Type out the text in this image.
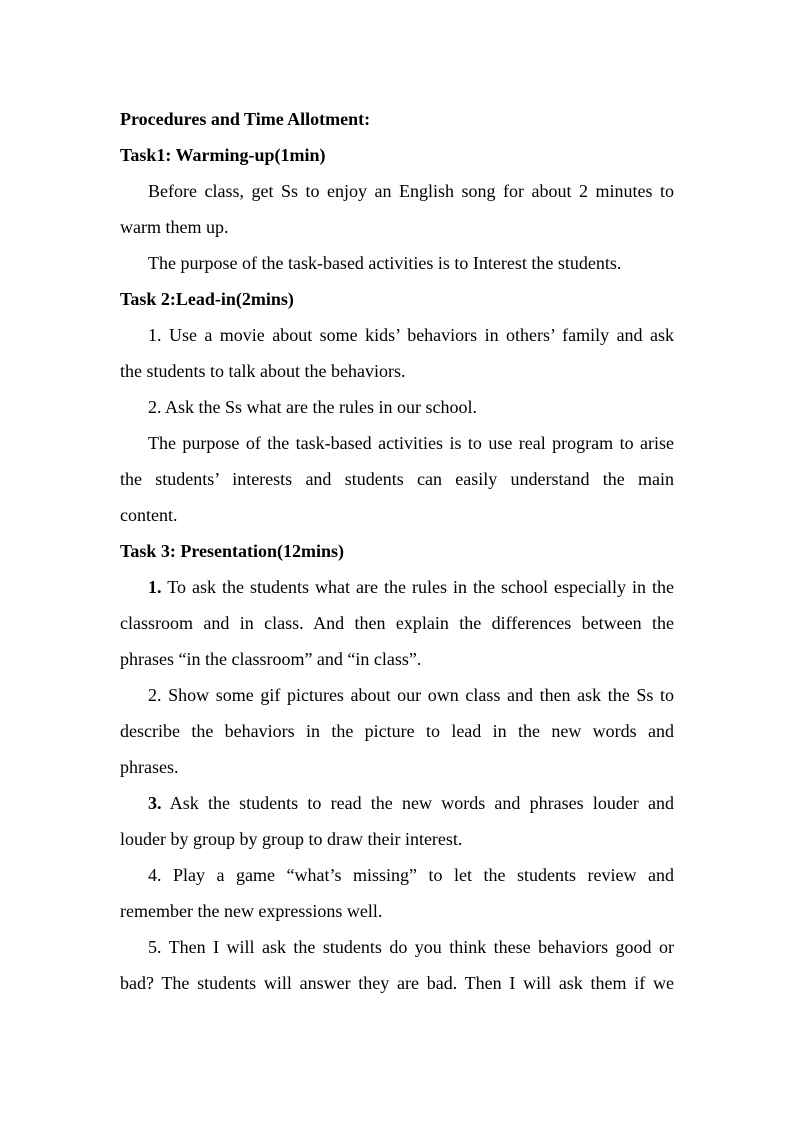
Procedures and Time Allotment:
Task1: Warming-up(1min)
Before class, get Ss to enjoy an English song for about 2 minutes to
warm them up.
The purpose of the task-based activities is to Interest the students.
Task 2:Lead-in(2mins)
1. Use a movie about some kids’ behaviors in others’ family and ask
the students to talk about the behaviors.
2. Ask the Ss what are the rules in our school.
The purpose of the task-based activities is to use real program to arise
the students’ interests and students can easily understand the main
content.
Task 3: Presentation(12mins)
1. To ask the students what are the rules in the school especially in the
classroom and in class. And then explain the differences between the
phrases “in the classroom” and “in class”.
2. Show some gif pictures about our own class and then ask the Ss to
describe the behaviors in the picture to lead in the new words and
phrases.
3. Ask the students to read the new words and phrases louder and
louder by group by group to draw their interest.
4. Play a game “what’s missing” to let the students review and
remember the new expressions well.
5. Then I will ask the students do you think these behaviors good or
bad? The students will answer they are bad. Then I will ask them if we
